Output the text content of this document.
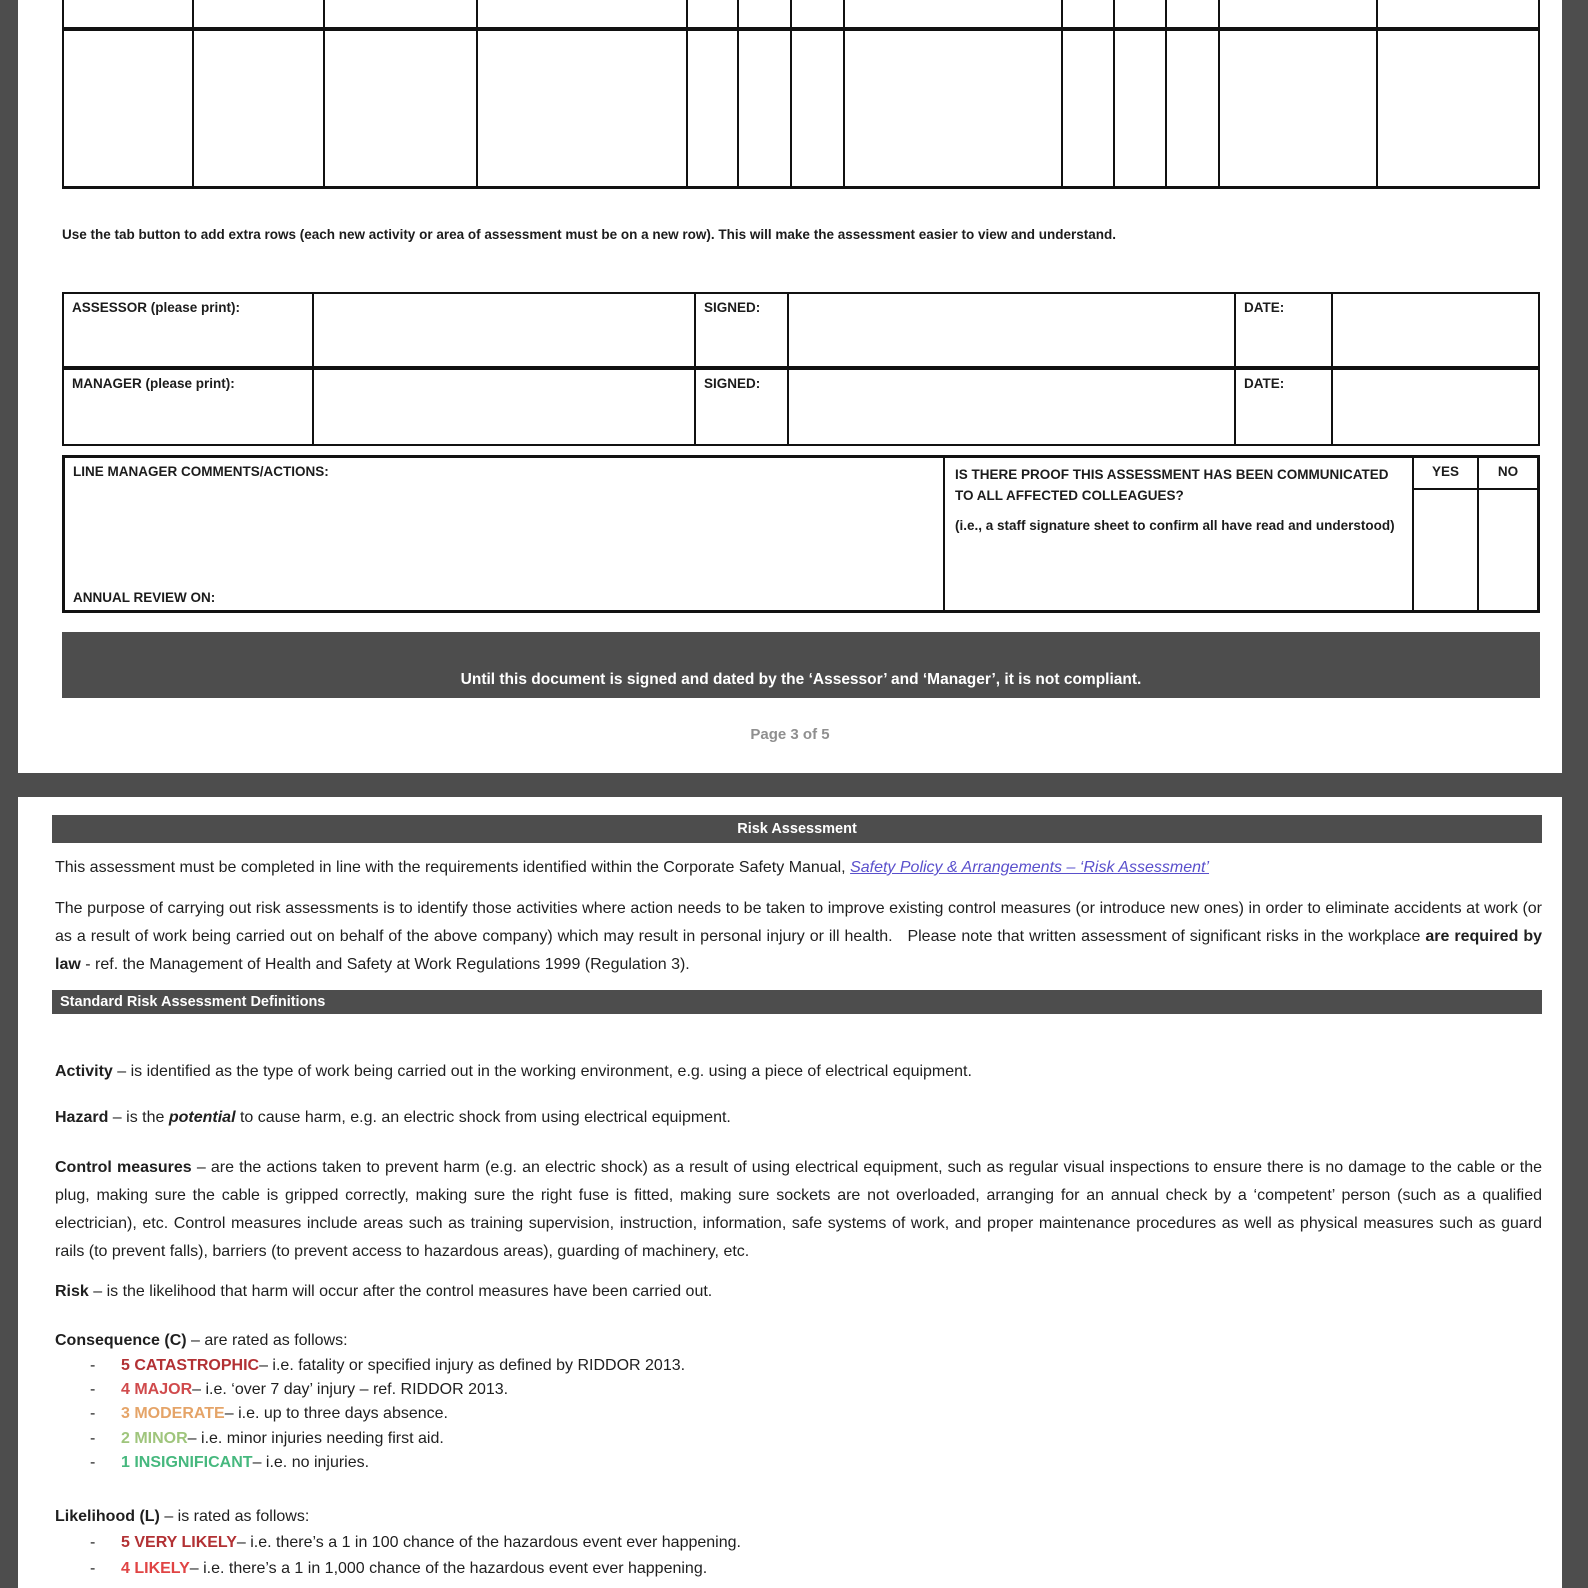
Use the tab button to add extra rows (each new activity or area of assessment must be on a new row). This will make the assessment easier to view and understand.
ASSESSOR (please print):	SIGNED:	DATE:
MANAGER (please print):	SIGNED:	DATE:
LINE MANAGER COMMENTS/ACTIONS:
ANNUAL REVIEW ON:
IS THERE PROOF THIS ASSESSMENT HAS BEEN COMMUNICATED TO ALL AFFECTED COLLEAGUES?
(i.e., a staff signature sheet to confirm all have read and understood)
YES	NO
Until this document is signed and dated by the ‘Assessor’ and ‘Manager’, it is not compliant.
Page 3 of 5
Risk Assessment

This assessment must be completed in line with the requirements identified within the Corporate Safety Manual, Safety Policy & Arrangements – ‘Risk Assessment’

The purpose of carrying out risk assessments is to identify those activities where action needs to be taken to improve existing control measures (or introduce new ones) in order to eliminate accidents at work (or as a result of work being carried out on behalf of the above company) which may result in personal injury or ill health.   Please note that written assessment of significant risks in the workplace are required by law - ref. the Management of Health and Safety at Work Regulations 1999 (Regulation 3).

Standard Risk Assessment Definitions

Activity – is identified as the type of work being carried out in the working environment, e.g. using a piece of electrical equipment.

Hazard – is the potential to cause harm, e.g. an electric shock from using electrical equipment.

Control measures – are the actions taken to prevent harm (e.g. an electric shock) as a result of using electrical equipment, such as regular visual inspections to ensure there is no damage to the cable or the plug, making sure the cable is gripped correctly, making sure the right fuse is fitted, making sure sockets are not overloaded, arranging for an annual check by a ‘competent’ person (such as a qualified electrician), etc. Control measures include areas such as training supervision, instruction, information, safe systems of work, and proper maintenance procedures as well as physical measures such as guard rails (to prevent falls), barriers (to prevent access to hazardous areas), guarding of machinery, etc.

Risk – is the likelihood that harm will occur after the control measures have been carried out.

Consequence (C) – are rated as follows:

-	5 CATASTROPHIC – i.e. fatality or specified injury as defined by RIDDOR 2013.
-	4 MAJOR – i.e. ‘over 7 day’ injury – ref. RIDDOR 2013.
-	3 MODERATE – i.e. up to three days absence.
-	2 MINOR – i.e. minor injuries needing first aid.
-	1 INSIGNIFICANT – i.e. no injuries.

Likelihood (L) – is rated as follows:

-	5 VERY LIKELY – i.e. there’s a 1 in 100 chance of the hazardous event ever happening.
-	4 LIKELY – i.e. there’s a 1 in 1,000 chance of the hazardous event ever happening.
